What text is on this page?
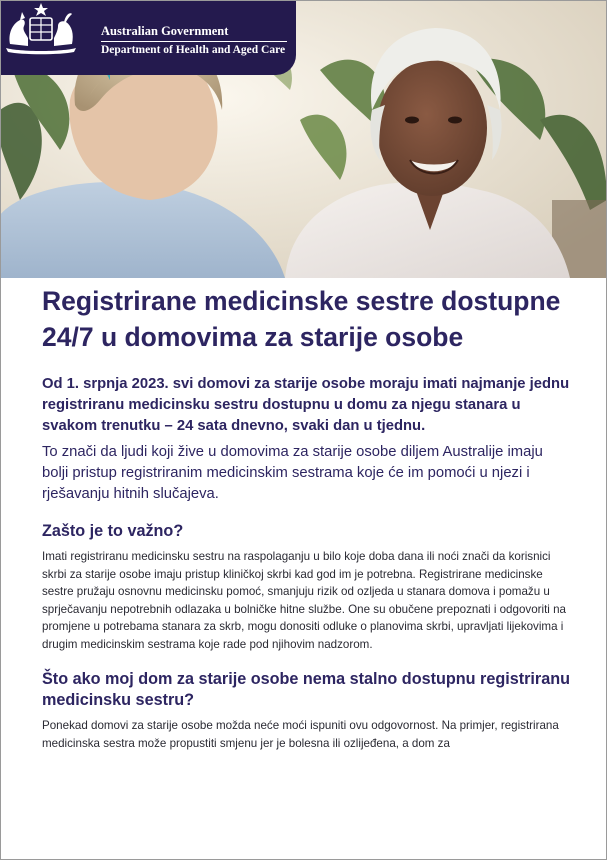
Australian Government
Department of Health and Aged Care
Registrirane medicinske sestre dostupne 24/7 u domovima za starije osobe

Od 1. srpnja 2023. svi domovi za starije osobe moraju imati najmanje jednu registriranu medicinsku sestru dostupnu u domu za njegu stanara u svakom trenutku – 24 sata dnevno, svaki dan u tjednu.

To znači da ljudi koji žive u domovima za starije osobe diljem Australije imaju bolji pristup registriranim medicinskim sestrama koje će im pomoći u njezi i rješavanju hitnih slučajeva.

Zašto je to važno?

Imati registriranu medicinsku sestru na raspolaganju u bilo koje doba dana ili noći znači da korisnici skrbi za starije osobe imaju pristup kliničkoj skrbi kad god im je potrebna. Registrirane medicinske sestre pružaju osnovnu medicinsku pomoć, smanjuju rizik od ozljeda u stanara domova i pomažu u sprječavanju nepotrebnih odlazaka u bolničke hitne službe. One su obučene prepoznati i odgovoriti na promjene u potrebama stanara za skrb, mogu donositi odluke o planovima skrbi, upravljati lijekovima i drugim medicinskim sestrama koje rade pod njihovim nadzorom.

Što ako moj dom za starije osobe nema stalno dostupnu registriranu medicinsku sestru?

Ponekad domovi za starije osobe možda neće moći ispuniti ovu odgovornost. Na primjer, registrirana medicinska sestra može propustiti smjenu jer je bolesna ili ozlijeđena, a dom za
